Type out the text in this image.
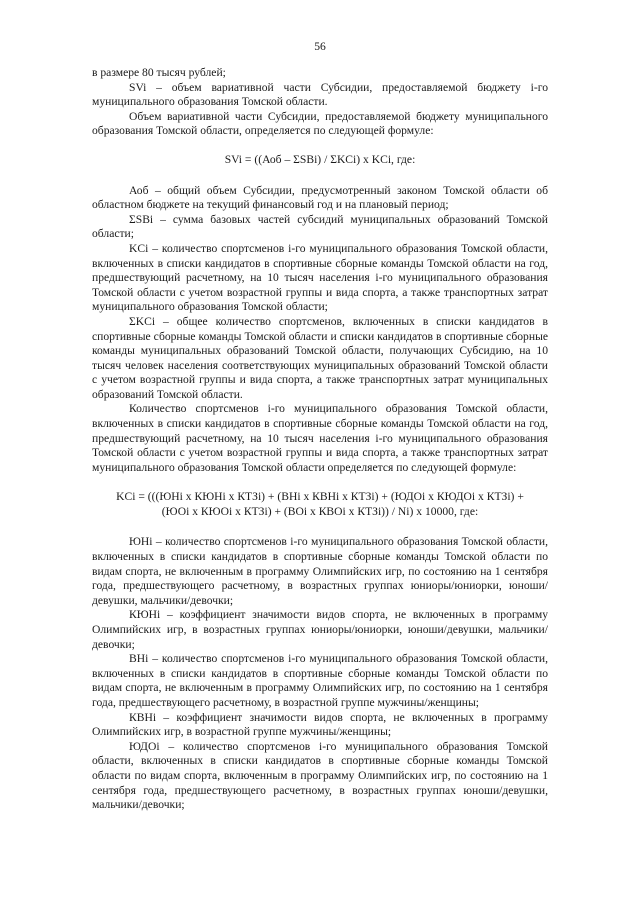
56

в размере 80 тысяч рублей;

SVi – объем вариативной части Субсидии, предоставляемой бюджету i-го муниципального образования Томской области.

Объем вариативной части Субсидии, предоставляемой бюджету муниципального образования Томской области, определяется по следующей формуле:

SVi = ((Аоб – ΣSBi) / ΣKCi) x KCi, где:

Аоб – общий объем Субсидии, предусмотренный законом Томской области об областном бюджете на текущий финансовый год и на плановый период;

ΣSBi – сумма базовых частей субсидий муниципальных образований Томской области;

KCi – количество спортсменов i-го муниципального образования Томской области, включенных в списки кандидатов в спортивные сборные команды Томской области на год, предшествующий расчетному, на 10 тысяч населения i-го муниципального образования Томской области с учетом возрастной группы и вида спорта, а также транспортных затрат муниципального образования Томской области;

ΣKCi – общее количество спортсменов, включенных в списки кандидатов в спортивные сборные команды Томской области и списки кандидатов в спортивные сборные команды муниципальных образований Томской области, получающих Субсидию, на 10 тысяч человек населения соответствующих муниципальных образований Томской области с учетом возрастной группы и вида спорта, а также транспортных затрат муниципальных образований Томской области.

Количество спортсменов i-го муниципального образования Томской области, включенных в списки кандидатов в спортивные сборные команды Томской области на год, предшествующий расчетному, на 10 тысяч населения i-го муниципального образования Томской области с учетом возрастной группы и вида спорта, а также транспортных затрат муниципального образования Томской области определяется по следующей формуле:

KCi = (((ЮНi x КЮНi x КТЗi) + (ВНi x КВНi x КТЗi) + (ЮДОi x КЮДОi x КТЗi) +
(ЮОi x КЮОi x КТЗi) + (ВОi x КВОi x КТЗi)) / Ni) x 10000, где:

ЮНi – количество спортсменов i-го муниципального образования Томской области, включенных в списки кандидатов в спортивные сборные команды Томской области по видам спорта, не включенным в программу Олимпийских игр, по состоянию на 1 сентября года, предшествующего расчетному, в возрастных группах юниоры/юниорки, юноши/девушки, мальчики/девочки;

КЮНi – коэффициент значимости видов спорта, не включенных в программу Олимпийских игр, в возрастных группах юниоры/юниорки, юноши/девушки, мальчики/девочки;

ВНi – количество спортсменов i-го муниципального образования Томской области, включенных в списки кандидатов в спортивные сборные команды Томской области по видам спорта, не включенным в программу Олимпийских игр, по состоянию на 1 сентября года, предшествующего расчетному, в возрастной группе мужчины/женщины;

КВНi – коэффициент значимости видов спорта, не включенных в программу Олимпийских игр, в возрастной группе мужчины/женщины;

ЮДОi – количество спортсменов i-го муниципального образования Томской области, включенных в списки кандидатов в спортивные сборные команды Томской области по видам спорта, включенным в программу Олимпийских игр, по состоянию на 1 сентября года, предшествующего расчетному, в возрастных группах юноши/девушки, мальчики/девочки;
